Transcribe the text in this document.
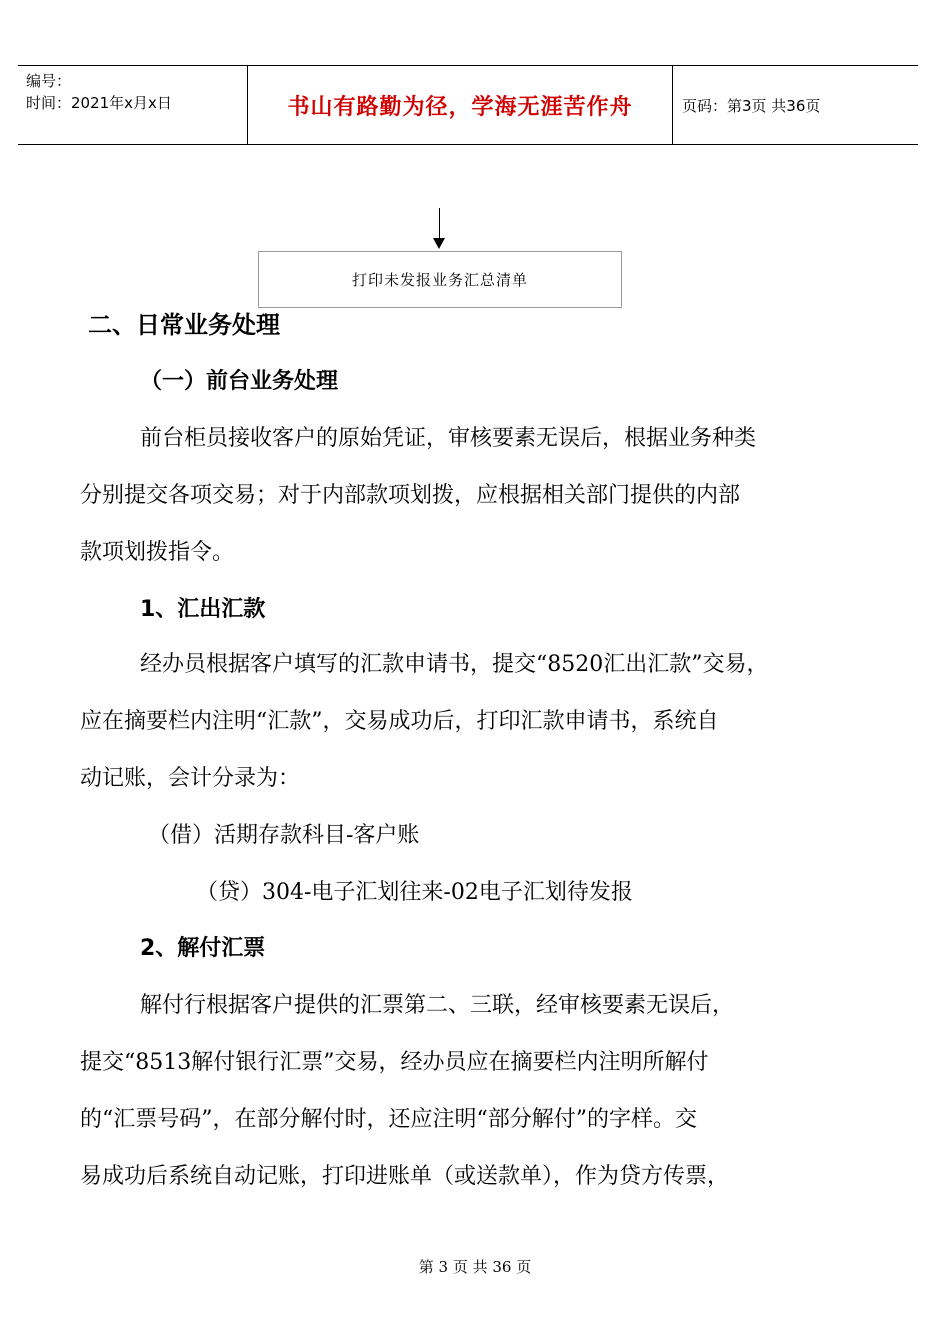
编号：
时间：2021年x月x日	书山有路勤为径，学海无涯苦作舟	页码：第3页 共36页
打印未发报业务汇总清单
二、日常业务处理
（一）前台业务处理
前台柜员接收客户的原始凭证，审核要素无误后，根据业务种类
分别提交各项交易；对于内部款项划拨，应根据相关部门提供的内部
款项划拨指令。
1、汇出汇款
经办员根据客户填写的汇款申请书，提交“8520汇出汇款”交易，
应在摘要栏内注明“汇款”，交易成功后，打印汇款申请书，系统自
动记账，会计分录为：
（借）活期存款科目-客户账
（贷）304-电子汇划往来-02电子汇划待发报
2、解付汇票
解付行根据客户提供的汇票第二、三联，经审核要素无误后，
提交“8513解付银行汇票”交易，经办员应在摘要栏内注明所解付
的“汇票号码”，在部分解付时，还应注明“部分解付”的字样。交
易成功后系统自动记账，打印进账单（或送款单），作为贷方传票，
第 3 页 共 36 页
